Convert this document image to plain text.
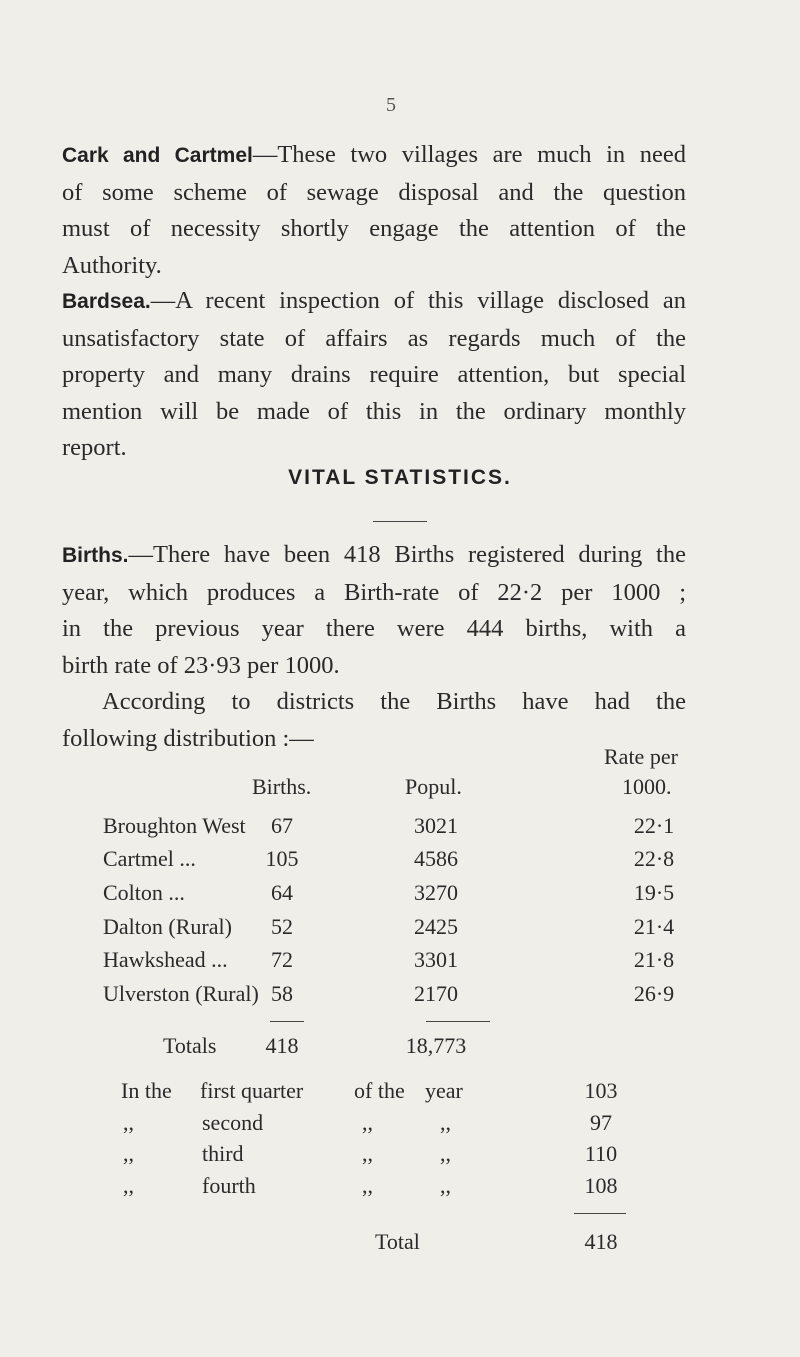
5
Cark and Cartmel—These two villages are much in need
of some scheme of sewage disposal and the question
must of necessity shortly engage the attention of the
Authority.
Bardsea.—A recent inspection of this village disclosed an
unsatisfactory state of affairs as regards much of the
property and many drains require attention, but special
mention will be made of this in the ordinary monthly
report.
VITAL STATISTICS.
Births.—There have been 418 Births registered during the
year, which produces a Birth-rate of 22·2 per 1000 ;
in the previous year there were 444 births, with a
birth rate of 23·93 per 1000.
According to districts the Births have had the
following distribution :—
Rate per
Births.	Popul.	1000.
Broughton West	67	3021	22·1
Cartmel ...	105	4586	22·8
Colton ...	64	3270	19·5
Dalton (Rural)	52	2425	21·4
Hawkshead ...	72	3301	21·8
Ulverston (Rural) 58	2170	26·9
Totals	418	18,773
In the first quarter of the year	103
,,	second	,,	,,	97
,,	third	,,	,,	110
,,	fourth	,,	,,	108
Total	418
